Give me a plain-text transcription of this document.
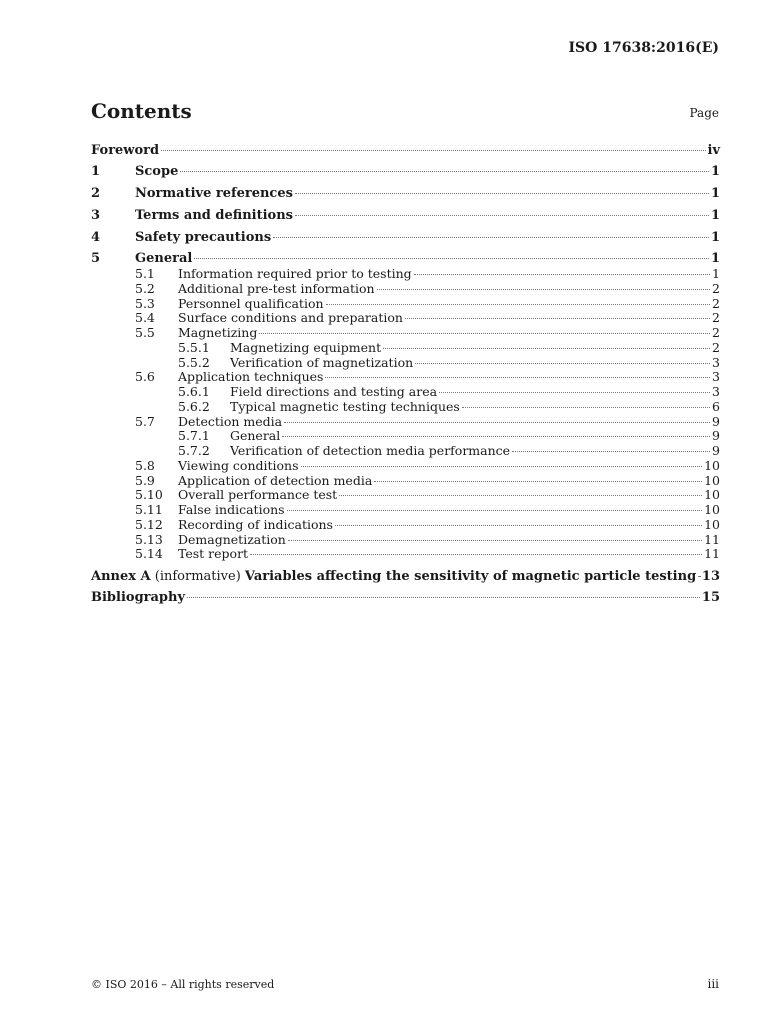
ISO 17638:2016(E)
Contents	Page
Foreword	iv
1	Scope	1
2	Normative references	1
3	Terms and definitions	1
4	Safety precautions	1
5	General	1
5.1	Information required prior to testing	1
5.2	Additional pre-test information	2
5.3	Personnel qualification	2
5.4	Surface conditions and preparation	2
5.5	Magnetizing	2
5.5.1	Magnetizing equipment	2
5.5.2	Verification of magnetization	3
5.6	Application techniques	3
5.6.1	Field directions and testing area	3
5.6.2	Typical magnetic testing techniques	6
5.7	Detection media	9
5.7.1	General	9
5.7.2	Verification of detection media performance	9
5.8	Viewing conditions	10
5.9	Application of detection media	10
5.10	Overall performance test	10
5.11	False indications	10
5.12	Recording of indications	10
5.13	Demagnetization	11
5.14	Test report	11
Annex A (informative) Variables affecting the sensitivity of magnetic particle testing 13
Bibliography	15
© ISO 2016 – All rights reserved	iii
